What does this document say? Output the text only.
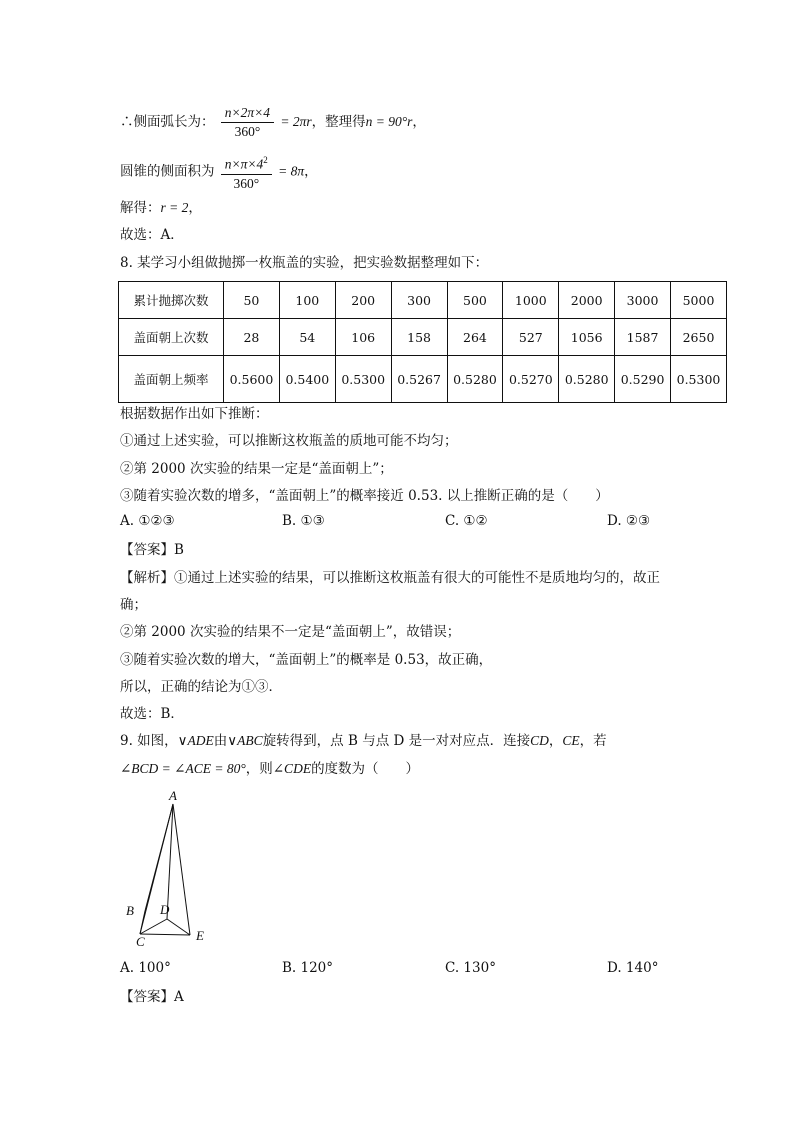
∴侧面弧长为： $\frac{n\times 2\pi\times 4}{360^\circ} = 2\pi r$，整理得n = 90°r，
圆锥的侧面积为 $\frac{n\times\pi\times 4^2}{360^\circ} = 8\pi$，
解得：r = 2，
故选：A．
8. 某学习小组做抛掷一枚瓶盖的实验，把实验数据整理如下：
累计抛掷次数	50	100	200	300	500	1000	2000	3000	5000
盖面朝上次数	28	54	106	158	264	527	1056	1587	2650
盖面朝上频率	0.5600	0.5400	0.5300	0.5267	0.5280	0.5270	0.5280	0.5290	0.5300
根据数据作出如下推断：
①通过上述实验，可以推断这枚瓶盖的质地可能不均匀；
②第 2000 次实验的结果一定是“盖面朝上”；
③随着实验次数的增多，“盖面朝上”的概率接近 0.53. 以上推断正确的是（　　）
A. ①②③	B. ①③	C. ①②	D. ②③
【答案】B
【解析】①通过上述实验的结果，可以推断这枚瓶盖有很大的可能性不是质地均匀的，故正
确；
②第 2000 次实验的结果不一定是“盖面朝上”，故错误；
③随着实验次数的增大，“盖面朝上”的概率是 0.53，故正确，
所以，正确的结论为①③．
故选：B．
9. 如图，∨ADE由∨ABC旋转得到，点 B 与点 D 是一对对应点．连接CD，CE，若
∠BCD = ∠ACE = 80°，则∠CDE的度数为（　　）
A
B
C
D
E
A. 100°	B. 120°	C. 130°	D. 140°
【答案】A
